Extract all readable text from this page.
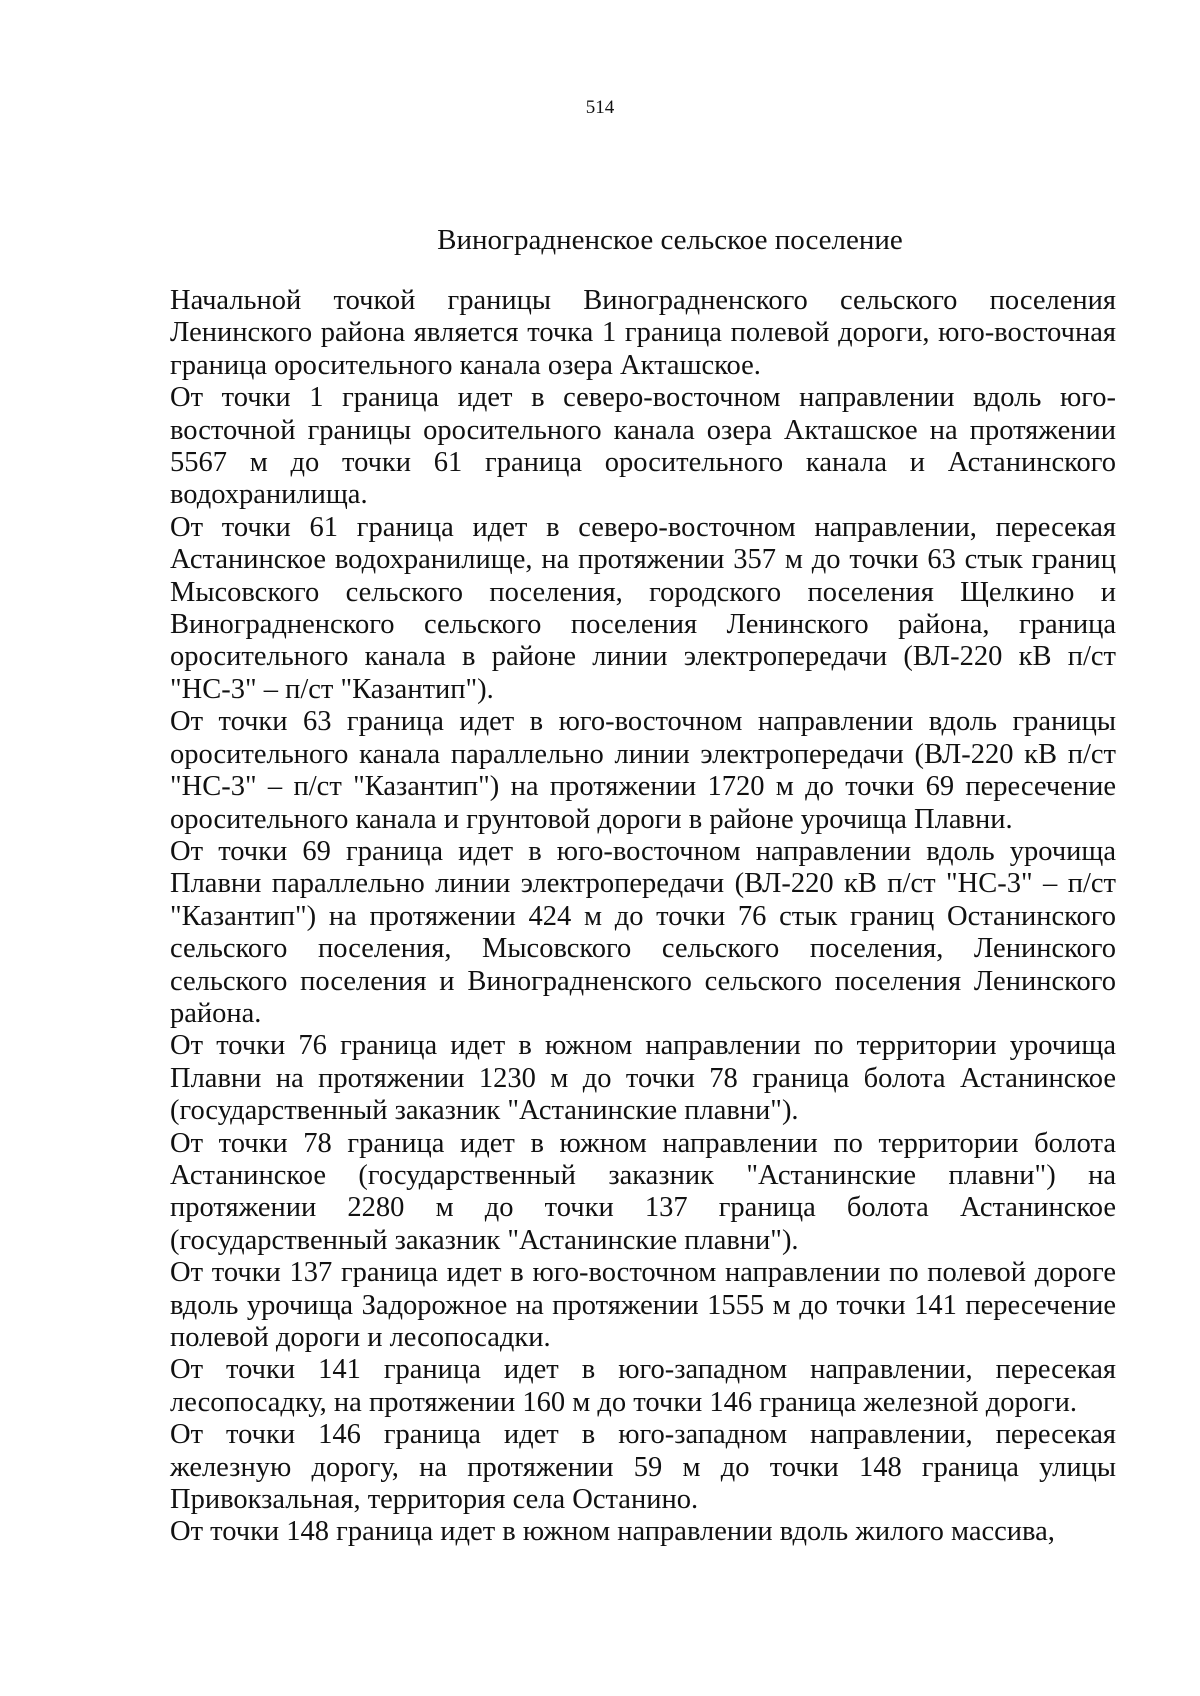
514
Виноградненское сельское поселение

Начальной точкой границы Виноградненского сельского поселения Ленинского района является точка 1 граница полевой дороги, юго-восточная граница оросительного канала озера Акташское.

От точки 1 граница идет в северо-восточном направлении вдоль юго-восточной границы оросительного канала озера Акташское на протяжении 5567 м до точки 61 граница оросительного канала и Астанинского водохранилища.

От точки 61 граница идет в северо-восточном направлении, пересекая Астанинское водохранилище, на протяжении 357 м до точки 63 стык границ Мысовского сельского поселения, городского поселения Щелкино и Виноградненского сельского поселения Ленинского района, граница оросительного канала в районе линии электропередачи (ВЛ-220 кВ п/ст "НС-3" – п/ст "Казантип").

От точки 63 граница идет в юго-восточном направлении вдоль границы оросительного канала параллельно линии электропередачи (ВЛ-220 кВ п/ст "НС-3" – п/ст "Казантип") на протяжении 1720 м до точки 69 пересечение оросительного канала и грунтовой дороги в районе урочища Плавни.

От точки 69 граница идет в юго-восточном направлении вдоль урочища Плавни параллельно линии электропередачи (ВЛ-220 кВ п/ст "НС-3" – п/ст "Казантип") на протяжении 424 м до точки 76 стык границ Останинского сельского поселения, Мысовского сельского поселения, Ленинского сельского поселения и Виноградненского сельского поселения Ленинского района.

От точки 76 граница идет в южном направлении по территории урочища Плавни на протяжении 1230 м до точки 78 граница болота Астанинское (государственный заказник "Астанинские плавни").

От точки 78 граница идет в южном направлении по территории болота Астанинское (государственный заказник "Астанинские плавни") на протяжении 2280 м до точки 137 граница болота Астанинское (государственный заказник "Астанинские плавни").

От точки 137 граница идет в юго-восточном направлении по полевой дороге вдоль урочища Задорожное на протяжении 1555 м до точки 141 пересечение полевой дороги и лесопосадки.

От точки 141 граница идет в юго-западном направлении, пересекая лесопосадку, на протяжении 160 м до точки 146 граница железной дороги.

От точки 146 граница идет в юго-западном направлении, пересекая железную дорогу, на протяжении 59 м до точки 148 граница улицы Привокзальная, территория села Останино.

От точки 148 граница идет в южном направлении вдоль жилого массива,
